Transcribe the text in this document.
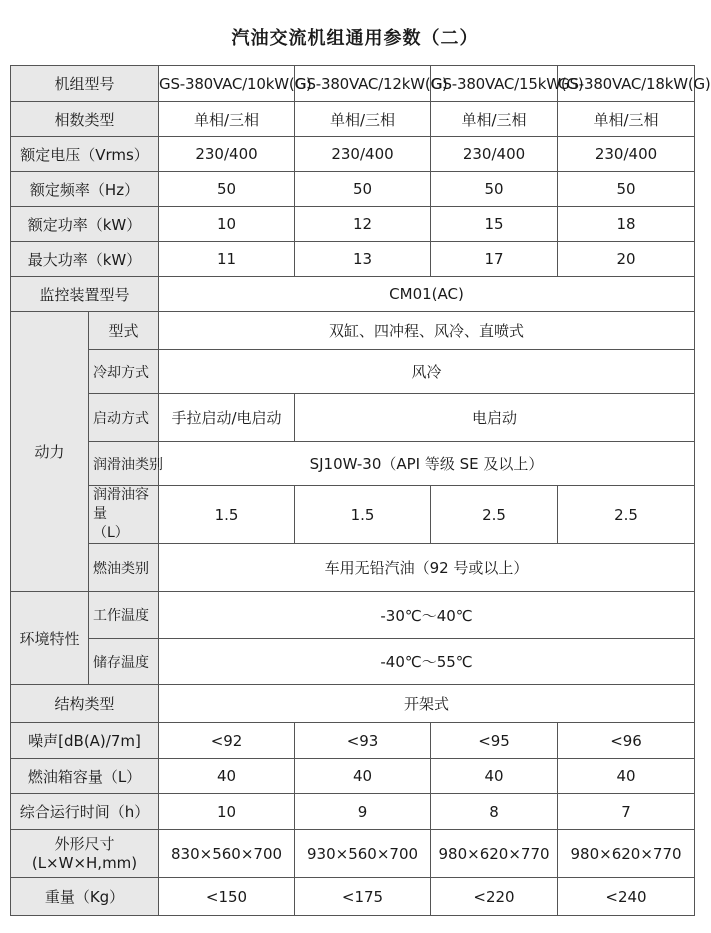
汽油交流机组通用参数（二）
机组型号		GS-380VAC/10kW(G)	GS-380VAC/12kW(G)	GS-380VAC/15kW(G)	GS-380VAC/18kW(G)
相数类型		单相/三相	单相/三相	单相/三相	单相/三相
额定电压（Vrms）		230/400	230/400	230/400	230/400
额定频率（Hz）		50	50	50	50
额定功率（kW）		10	12	15	18
最大功率（kW）		11	13	17	20
监控装置型号		CM01(AC)			
动力	型式	双缸、四冲程、风冷、直喷式			
	冷却方式	风冷			
	启动方式	手拉启动/电启动	电启动		
	润滑油类别	SJ10W-30（API 等级 SE 及以上）			
	润滑油容量
（L）	1.5	1.5	2.5	2.5
	燃油类别	车用无铅汽油（92 号或以上）			
环境特性	工作温度	-30℃～40℃			
	储存温度	-40℃～55℃			
结构类型		开架式			
噪声[dB(A)/7m]		<92	<93	<95	<96
燃油箱容量（L）		40	40	40	40
综合运行时间（h）		10	9	8	7
外形尺寸
(L×W×H,mm)		830×560×700	930×560×700	980×620×770	980×620×770
重量（Kg）		<150	<175	<220	<240
